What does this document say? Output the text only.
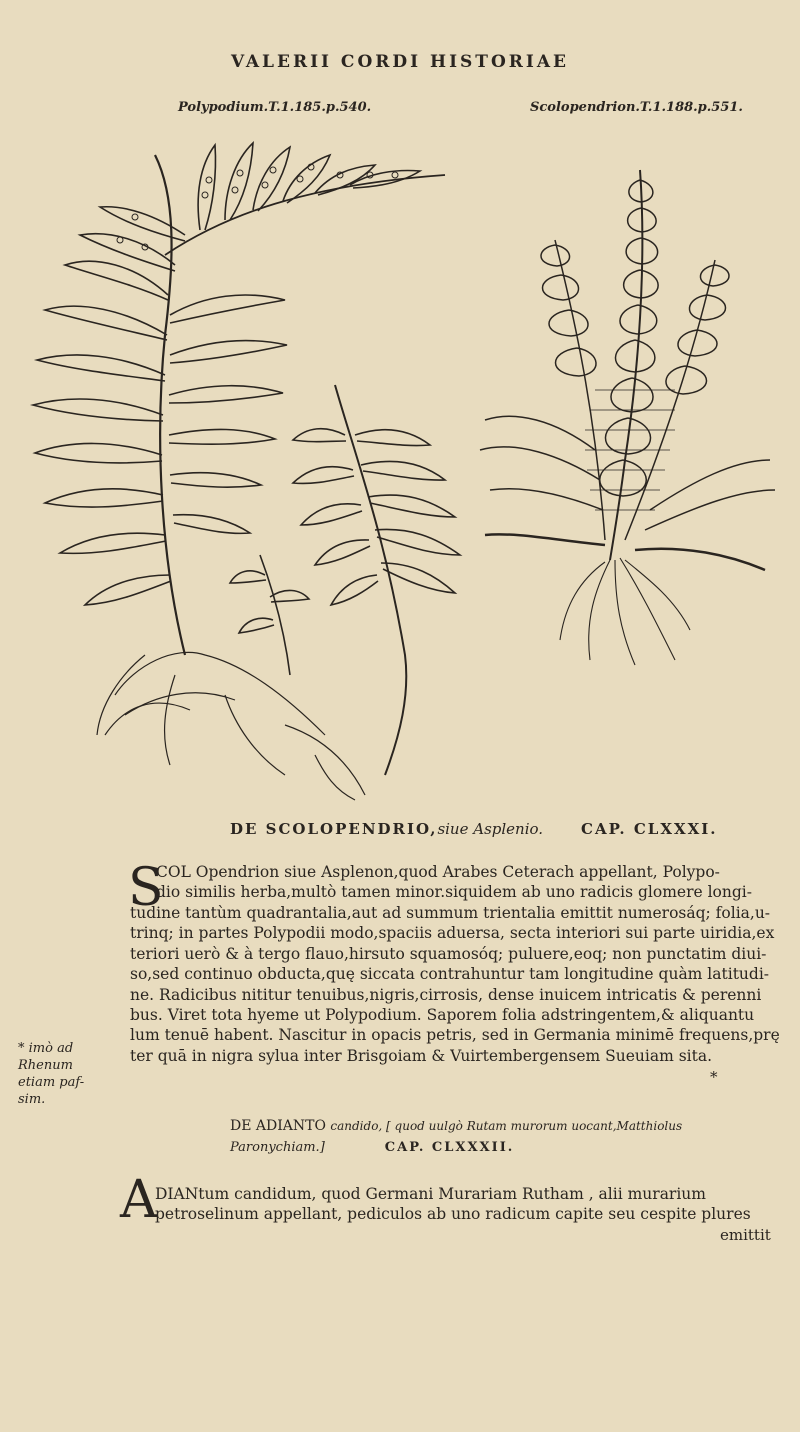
VALERII CORDI HISTORIAE
Polypodium.T.1.185.p.540.	Scolopendrion.T.1.188.p.551.
DE SCOLOPENDRIO,siue Asplenio.	CAP. CLXXXI.
S

COL Opendrion siue Asplenon,quod Arabes Ceterach appellant, Polypo-

dio similis herba,multò tamen minor.siquidem ab uno radicis glomere longi-

tudine tantùm quadrantalia,aut ad summum trientalia emittit numerosáq; folia,u-

trinq; in partes Polypodii modo,spaciis aduersa, secta interiori sui parte uiridia,ex

teriori uerò & à tergo flauo,hirsuto squamosóq; puluere,eoq; non punctatim diui-

so,sed continuo obducta,quę siccata contrahuntur tam longitudine quàm latitudi-

ne. Radicibus nititur tenuibus,nigris,cirrosis, dense inuicem intricatis & perenni

bus. Viret tota hyeme ut Polypodium. Saporem folia adstringentem,& aliquantu

lum tenuē habent. Nascitur in opacis petris, sed in Germania minimē frequens,prę

ter quā in nigra sylua inter Brisgoiam & Vuirtembergensem Sueuiam sita.

*
* imò ad
Rhenum
etiam paf-
sim.
DE ADIANTO candido, [ quod uulgò Rutam murorum uocant,Matthiolus
Paronychiam.]	CAP. CLXXXII.
A

DIANtum candidum, quod Germani Murariam Rutham , alii murarium

petroselinum appellant, pediculos ab uno radicum capite seu cespite plures

emittit
